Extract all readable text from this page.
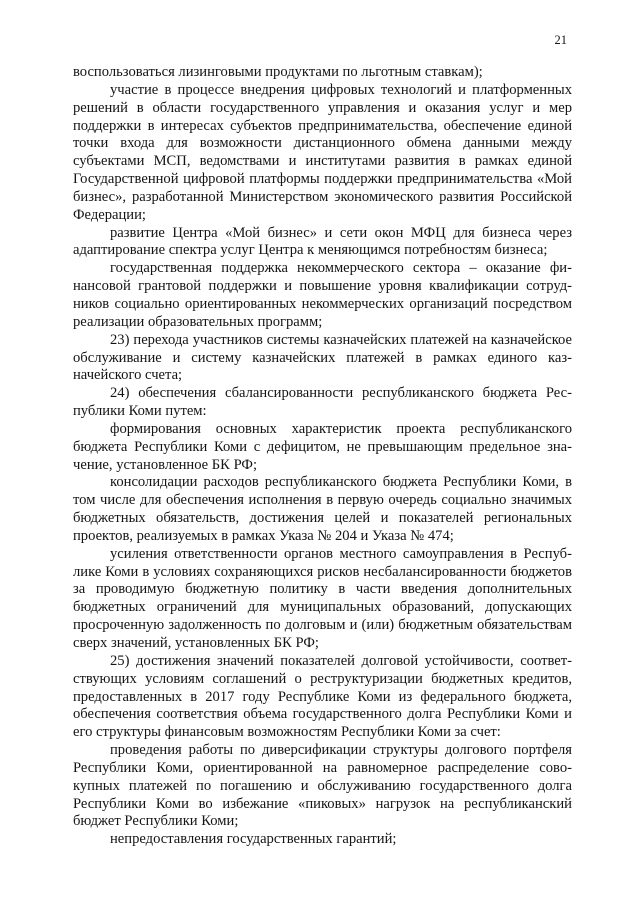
21

воспользоваться лизинговыми продуктами по льготным ставкам);

участие в процессе внедрения цифровых технологий и платформенных решений в области государственного управления и оказания услуг и мер поддержки в интересах субъектов предпринимательства, обеспечение единой точки входа для возможности дистанционного обмена данными между субъектами МСП, ведомствами и институтами развития в рамках единой Государственной цифровой платформы поддержки предпринимательства «Мой бизнес», разработанной Министерством экономического развития Российской Федерации;

развитие Центра «Мой бизнес» и сети окон МФЦ для бизнеса через адаптирование спектра услуг Центра к меняющимся потребностям бизнеса;

государственная поддержка некоммерческого сектора – оказание финансовой грантовой поддержки и повышение уровня квалификации сотрудников социально ориентированных некоммерческих организаций посредством реализации образовательных программ;

23) перехода участников системы казначейских платежей на казначейское обслуживание и систему казначейских платежей в рамках единого казначейского счета;

24) обеспечения сбалансированности республиканского бюджета Республики Коми путем:

формирования основных характеристик проекта республиканского бюджета Республики Коми с дефицитом, не превышающим предельное значение, установленное БК РФ;

консолидации расходов республиканского бюджета Республики Коми, в том числе для обеспечения исполнения в первую очередь социально значимых бюджетных обязательств, достижения целей и показателей региональных проектов, реализуемых в рамках Указа № 204 и Указа № 474;

усиления ответственности органов местного самоуправления в Республике Коми в условиях сохраняющихся рисков несбалансированности бюджетов за проводимую бюджетную политику в части введения дополнительных бюджетных ограничений для муниципальных образований, допускающих просроченную задолженность по долговым и (или) бюджетным обязательствам сверх значений, установленных БК РФ;

25) достижения значений показателей долговой устойчивости, соответствующих условиям соглашений о реструктуризации бюджетных кредитов, предоставленных в 2017 году Республике Коми из федерального бюджета, обеспечения соответствия объема государственного долга Республики Коми и его структуры финансовым возможностям Республики Коми за счет:

проведения работы по диверсификации структуры долгового портфеля Республики Коми, ориентированной на равномерное распределение совокупных платежей по погашению и обслуживанию государственного долга Республики Коми во избежание «пиковых» нагрузок на республиканский бюджет Республики Коми;

непредоставления государственных гарантий;
